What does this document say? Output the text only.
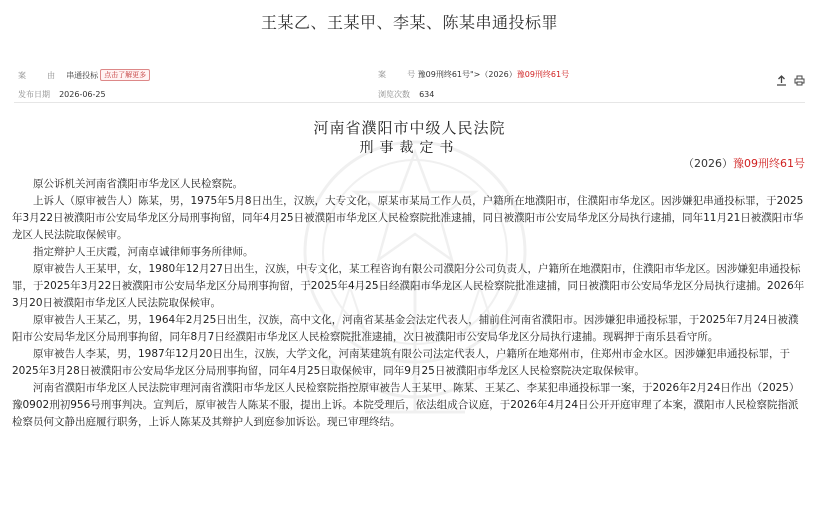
王某乙、王某甲、李某、陈某串通投标罪
案	由 串通投标 点击了解更多	案	号 豫09刑终61号">（2026）豫09刑终61号
发布日期 2026-06-25	浏览次数 634
河南省濮阳市中级人民法院
刑事裁定书
（2026）豫09刑终61号

原公诉机关河南省濮阳市华龙区人民检察院。

上诉人（原审被告人）陈某，男，1975年5月8日出生，汉族，大专文化，原某市某局工作人员，户籍所在地濮阳市，住濮阳市华龙区。因涉嫌犯串通投标罪，于2025年3月22日被濮阳市公安局华龙区分局刑事拘留，同年4月25日被濮阳市华龙区人民检察院批准逮捕，同日被濮阳市公安局华龙区分局执行逮捕，同年11月21日被濮阳市华龙区人民法院取保候审。

指定辩护人王庆霞，河南卓诚律师事务所律师。

原审被告人王某甲，女，1980年12月27日出生，汉族，中专文化，某工程咨询有限公司濮阳分公司负责人，户籍所在地濮阳市，住濮阳市华龙区。因涉嫌犯串通投标罪，于2025年3月22日被濮阳市公安局华龙区分局刑事拘留，于2025年4月25日经濮阳市华龙区人民检察院批准逮捕，同日被濮阳市公安局华龙区分局执行逮捕。2026年3月20日被濮阳市华龙区人民法院取保候审。

原审被告人王某乙，男，1964年2月25日出生，汉族，高中文化，河南省某基金会法定代表人，捕前住河南省濮阳市。因涉嫌犯串通投标罪，于2025年7月24日被濮阳市公安局华龙区分局刑事拘留，同年8月7日经濮阳市华龙区人民检察院批准逮捕，次日被濮阳市公安局华龙区分局执行逮捕。现羁押于南乐县看守所。

原审被告人李某，男，1987年12月20日出生，汉族，大学文化，河南某建筑有限公司法定代表人，户籍所在地郑州市，住郑州市金水区。因涉嫌犯串通投标罪，于2025年3月28日被濮阳市公安局华龙区分局刑事拘留，同年4月25日取保候审，同年9月25日被濮阳市华龙区人民检察院决定取保候审。

河南省濮阳市华龙区人民法院审理河南省濮阳市华龙区人民检察院指控原审被告人王某甲、陈某、王某乙、李某犯串通投标罪一案，于2026年2月24日作出（2025）豫0902刑初956号刑事判决。宣判后，原审被告人陈某不服，提出上诉。本院受理后，依法组成合议庭，于2026年4月24日公开开庭审理了本案，濮阳市人民检察院指派检察员何文静出庭履行职务，上诉人陈某及其辩护人到庭参加诉讼。现已审理终结。
